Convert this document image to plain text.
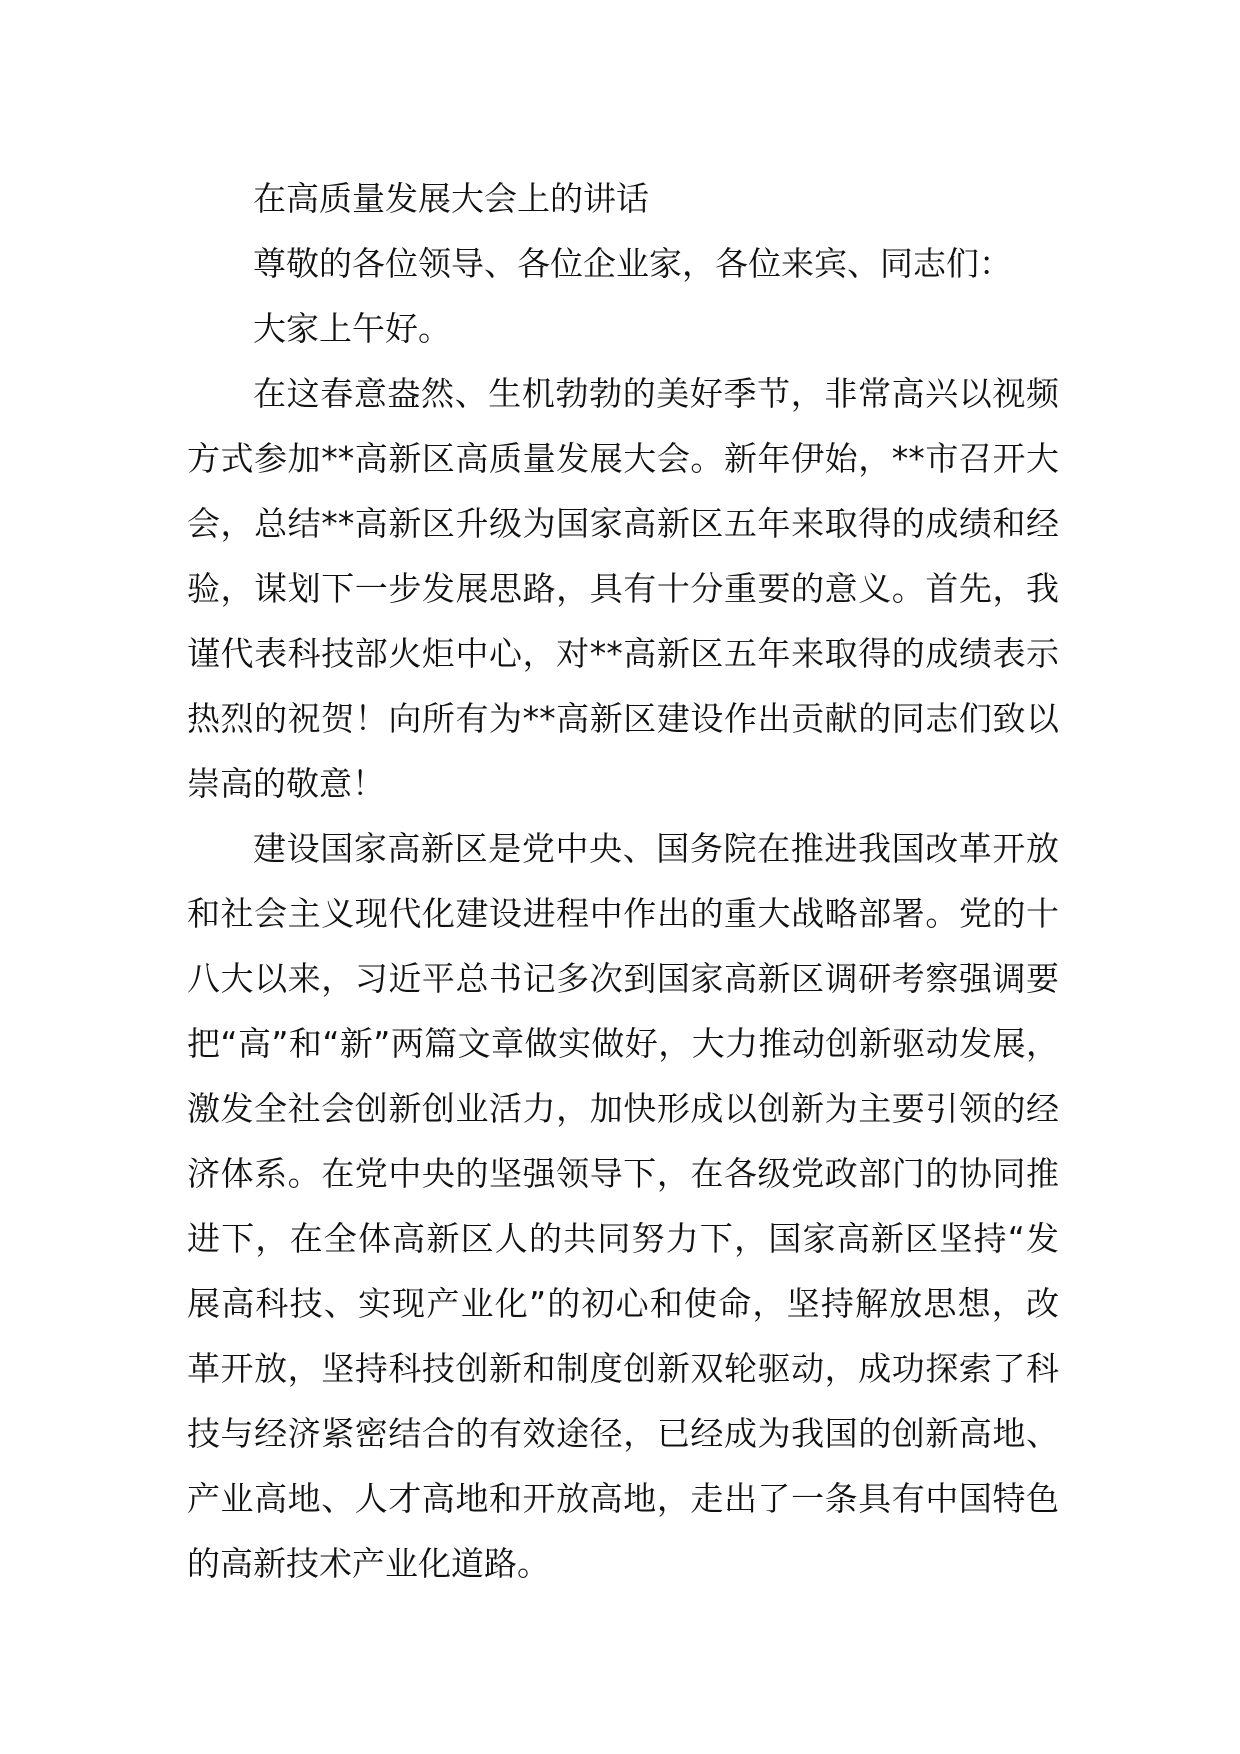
在高质量发展大会上的讲话

尊敬的各位领导、各位企业家，各位来宾、同志们：

大家上午好。

在这春意盎然、生机勃勃的美好季节，非常高兴以视频方式参加**高新区高质量发展大会。新年伊始，**市召开大会，总结**高新区升级为国家高新区五年来取得的成绩和经验，谋划下一步发展思路，具有十分重要的意义。首先，我谨代表科技部火炬中心，对**高新区五年来取得的成绩表示热烈的祝贺！向所有为**高新区建设作出贡献的同志们致以崇高的敬意！

建设国家高新区是党中央、国务院在推进我国改革开放和社会主义现代化建设进程中作出的重大战略部署。党的十八大以来，习近平总书记多次到国家高新区调研考察强调要把“高”和“新”两篇文章做实做好，大力推动创新驱动发展，激发全社会创新创业活力，加快形成以创新为主要引领的经济体系。在党中央的坚强领导下，在各级党政部门的协同推进下，在全体高新区人的共同努力下，国家高新区坚持“发展高科技、实现产业化”的初心和使命，坚持解放思想，改革开放，坚持科技创新和制度创新双轮驱动，成功探索了科技与经济紧密结合的有效途径，已经成为我国的创新高地、产业高地、人才高地和开放高地，走出了一条具有中国特色的高新技术产业化道路。
